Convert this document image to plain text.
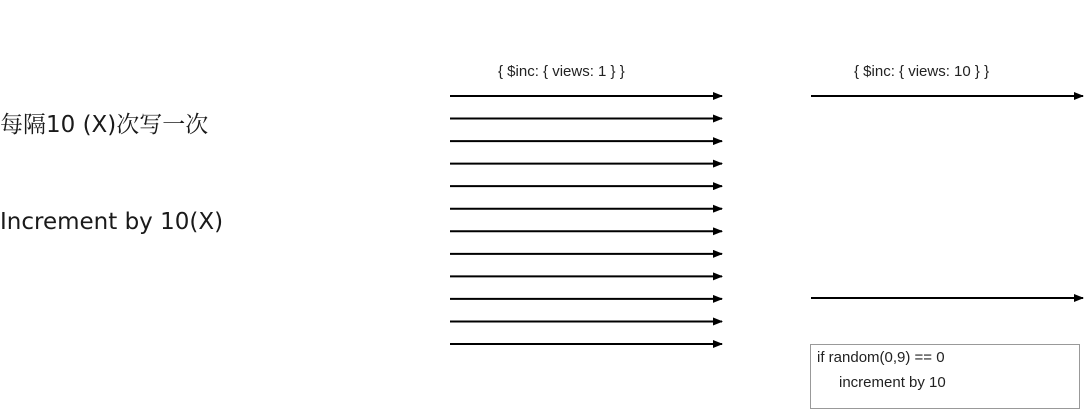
每隔10 (X)次写一次
Increment by 10(X)
{ $inc: { views: 1 } }	{ $inc: { views: 10 } }
if random(0,9) == 0
increment by 10
